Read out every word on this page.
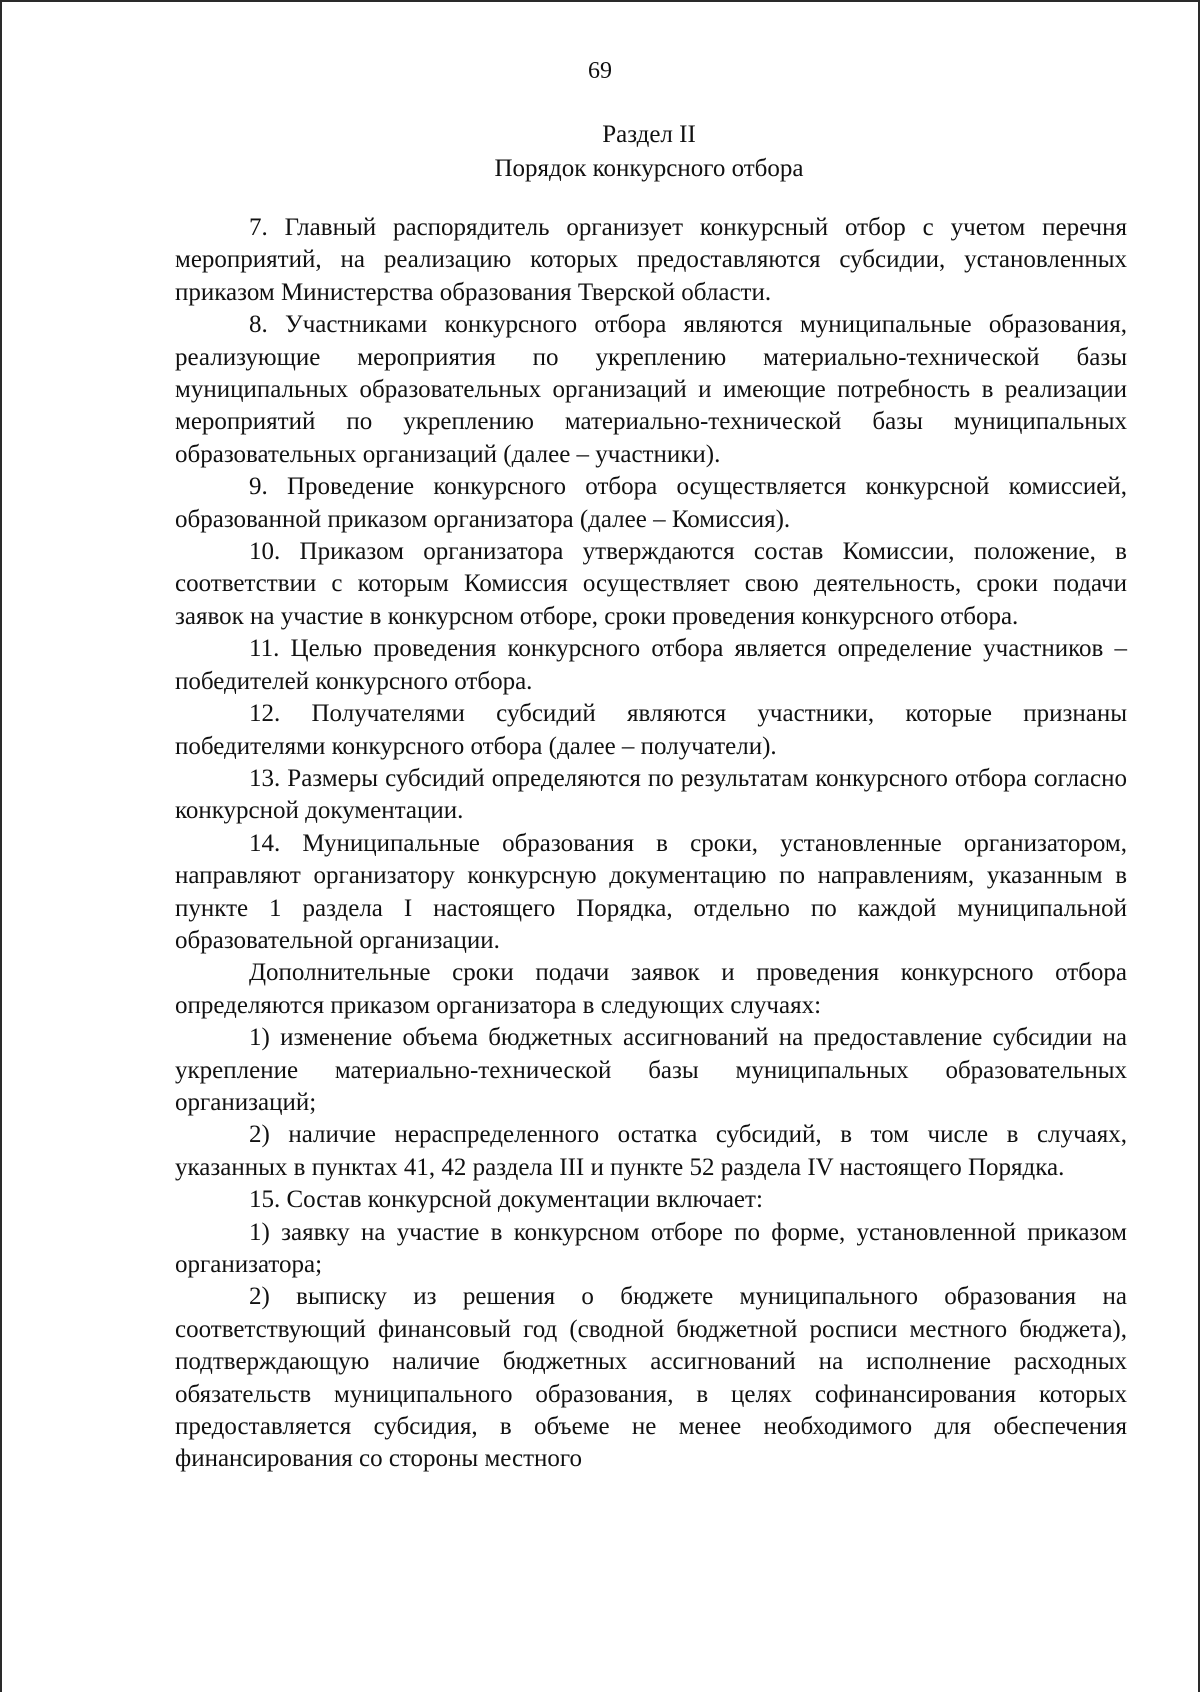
69
Раздел II
Порядок конкурсного отбора

7. Главный распорядитель организует конкурсный отбор с учетом перечня мероприятий, на реализацию которых предоставляются субсидии, установленных приказом Министерства образования Тверской области.

8. Участниками конкурсного отбора являются муниципальные образования, реализующие мероприятия по укреплению материально-технической базы муниципальных образовательных организаций и имеющие потребность в реализации мероприятий по укреплению материально-технической базы муниципальных образовательных организаций (далее – участники).

9. Проведение конкурсного отбора осуществляется конкурсной комиссией, образованной приказом организатора (далее – Комиссия).

10. Приказом организатора утверждаются состав Комиссии, положение, в соответствии с которым Комиссия осуществляет свою деятельность, сроки подачи заявок на участие в конкурсном отборе, сроки проведения конкурсного отбора.

11. Целью проведения конкурсного отбора является определение участников – победителей конкурсного отбора.

12. Получателями субсидий являются участники, которые признаны победителями конкурсного отбора (далее – получатели).

13. Размеры субсидий определяются по результатам конкурсного отбора согласно конкурсной документации.

14. Муниципальные образования в сроки, установленные организатором, направляют организатору конкурсную документацию по направлениям, указанным в пункте 1 раздела I настоящего Порядка, отдельно по каждой муниципальной образовательной организации.

Дополнительные сроки подачи заявок и проведения конкурсного отбора определяются приказом организатора в следующих случаях:

1) изменение объема бюджетных ассигнований на предоставление субсидии на укрепление материально-технической базы муниципальных образовательных организаций;

2) наличие нераспределенного остатка субсидий, в том числе в случаях, указанных в пунктах 41, 42 раздела III и пункте 52 раздела IV настоящего Порядка.

15. Состав конкурсной документации включает:

1) заявку на участие в конкурсном отборе по форме, установленной приказом организатора;

2) выписку из решения о бюджете муниципального образования на соответствующий финансовый год (сводной бюджетной росписи местного бюджета), подтверждающую наличие бюджетных ассигнований на исполнение расходных обязательств муниципального образования, в целях софинансирования которых предоставляется субсидия, в объеме не менее необходимого для обеспечения финансирования со стороны местного
